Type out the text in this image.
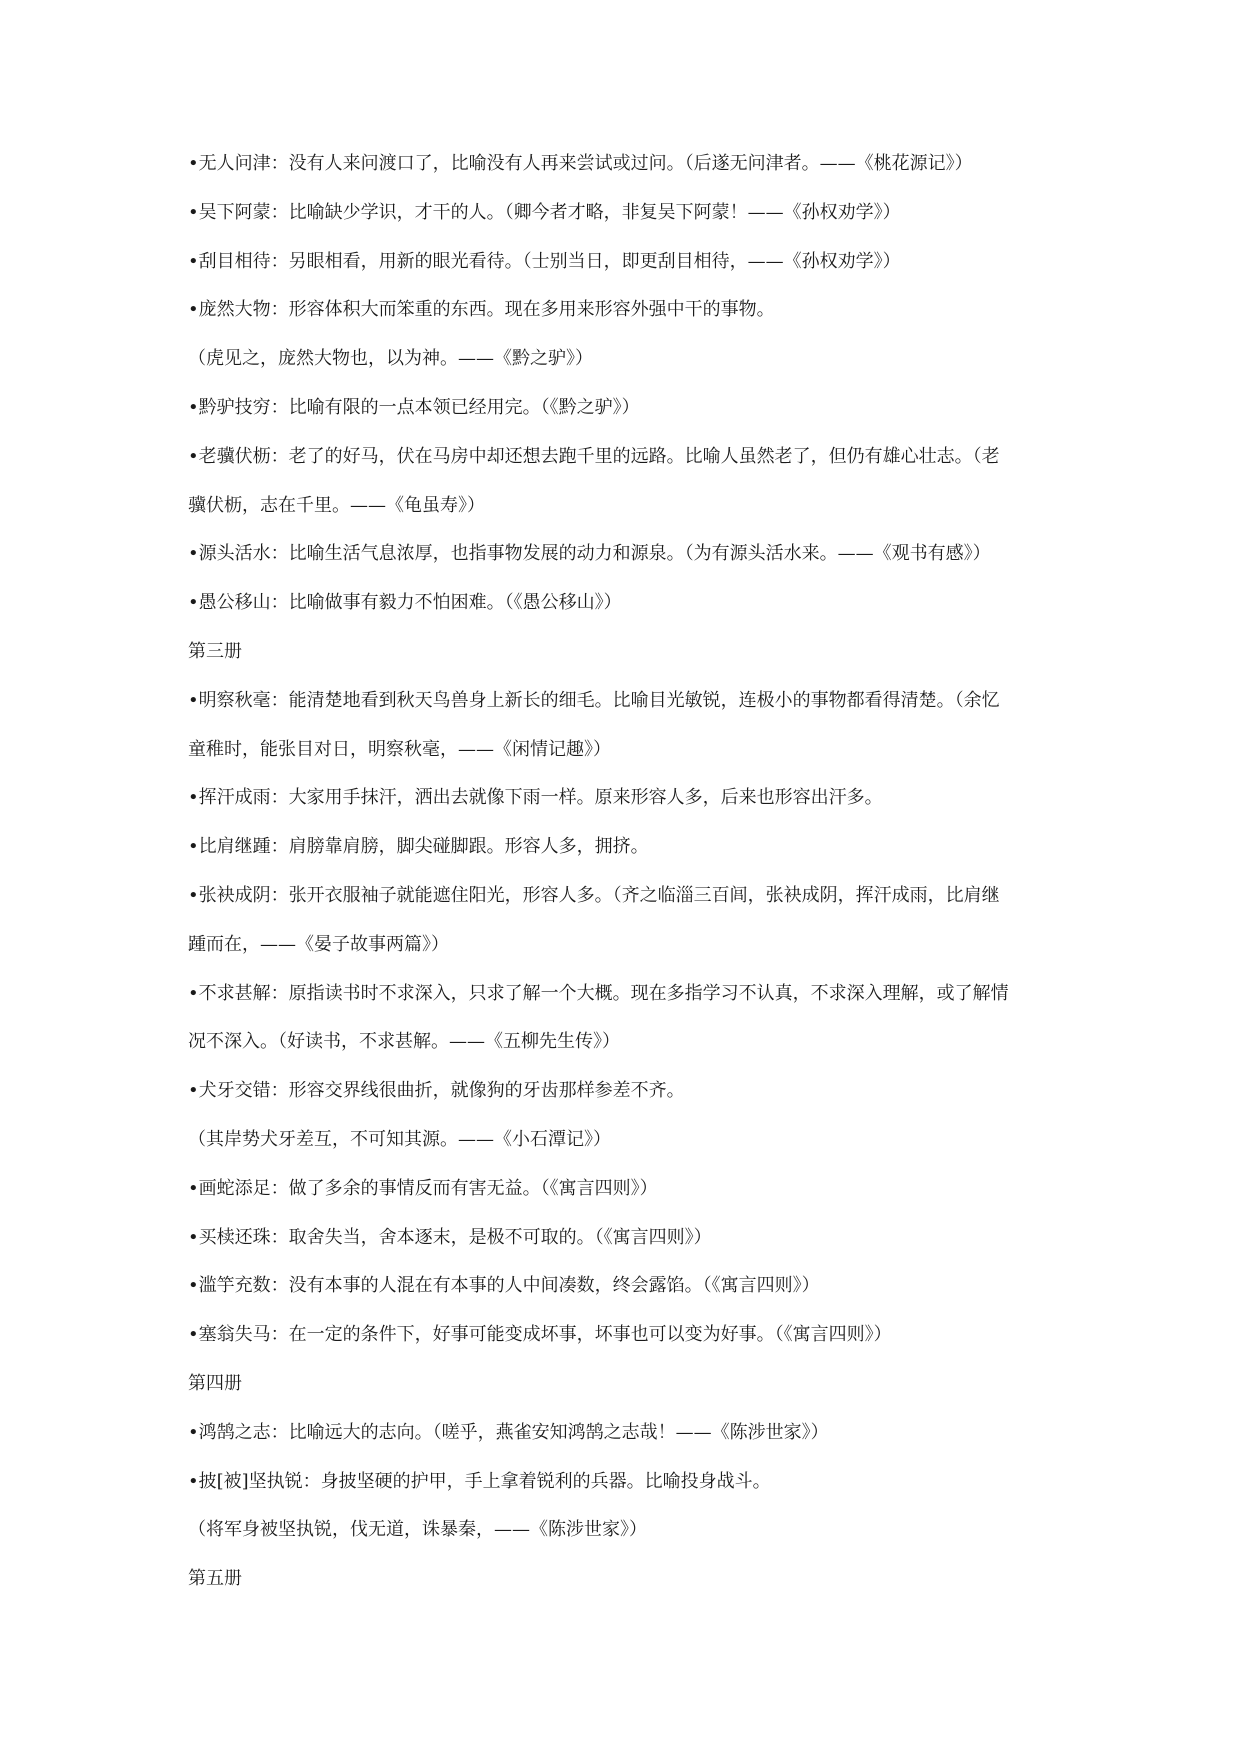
•无人问津：没有人来问渡口了，比喻没有人再来尝试或过问。（后遂无问津者。——《桃花源记》）
•吴下阿蒙：比喻缺少学识，才干的人。（卿今者才略，非复吴下阿蒙！——《孙权劝学》）
•刮目相待：另眼相看，用新的眼光看待。（士别当日，即更刮目相待，——《孙权劝学》）
•庞然大物：形容体积大而笨重的东西。现在多用来形容外强中干的事物。
（虎见之，庞然大物也，以为神。——《黔之驴》）
•黔驴技穷：比喻有限的一点本领已经用完。（《黔之驴》）
•老骥伏枥：老了的好马，伏在马房中却还想去跑千里的远路。比喻人虽然老了，但仍有雄心壮志。（老
骥伏枥，志在千里。——《龟虽寿》）
•源头活水：比喻生活气息浓厚，也指事物发展的动力和源泉。（为有源头活水来。——《观书有感》）
•愚公移山：比喻做事有毅力不怕困难。（《愚公移山》）
第三册
•明察秋毫：能清楚地看到秋天鸟兽身上新长的细毛。比喻目光敏锐，连极小的事物都看得清楚。（余忆
童稚时，能张目对日，明察秋毫，——《闲情记趣》）
•挥汗成雨：大家用手抹汗，洒出去就像下雨一样。原来形容人多，后来也形容出汗多。
•比肩继踵：肩膀靠肩膀，脚尖碰脚跟。形容人多，拥挤。
•张袂成阴：张开衣服袖子就能遮住阳光，形容人多。（齐之临淄三百闾，张袂成阴，挥汗成雨，比肩继
踵而在，——《晏子故事两篇》）
•不求甚解：原指读书时不求深入，只求了解一个大概。现在多指学习不认真，不求深入理解，或了解情
况不深入。（好读书，不求甚解。——《五柳先生传》）
•犬牙交错：形容交界线很曲折，就像狗的牙齿那样参差不齐。
（其岸势犬牙差互，不可知其源。——《小石潭记》）
•画蛇添足：做了多余的事情反而有害无益。（《寓言四则》）
•买椟还珠：取舍失当，舍本逐末，是极不可取的。（《寓言四则》）
•滥竽充数：没有本事的人混在有本事的人中间凑数，终会露馅。（《寓言四则》）
•塞翁失马：在一定的条件下，好事可能变成坏事，坏事也可以变为好事。（《寓言四则》）
第四册
•鸿鹄之志：比喻远大的志向。（嗟乎，燕雀安知鸿鹄之志哉！——《陈涉世家》）
•披[被]坚执锐：身披坚硬的护甲，手上拿着锐利的兵器。比喻投身战斗。
（将军身被坚执锐，伐无道，诛暴秦，——《陈涉世家》）
第五册
